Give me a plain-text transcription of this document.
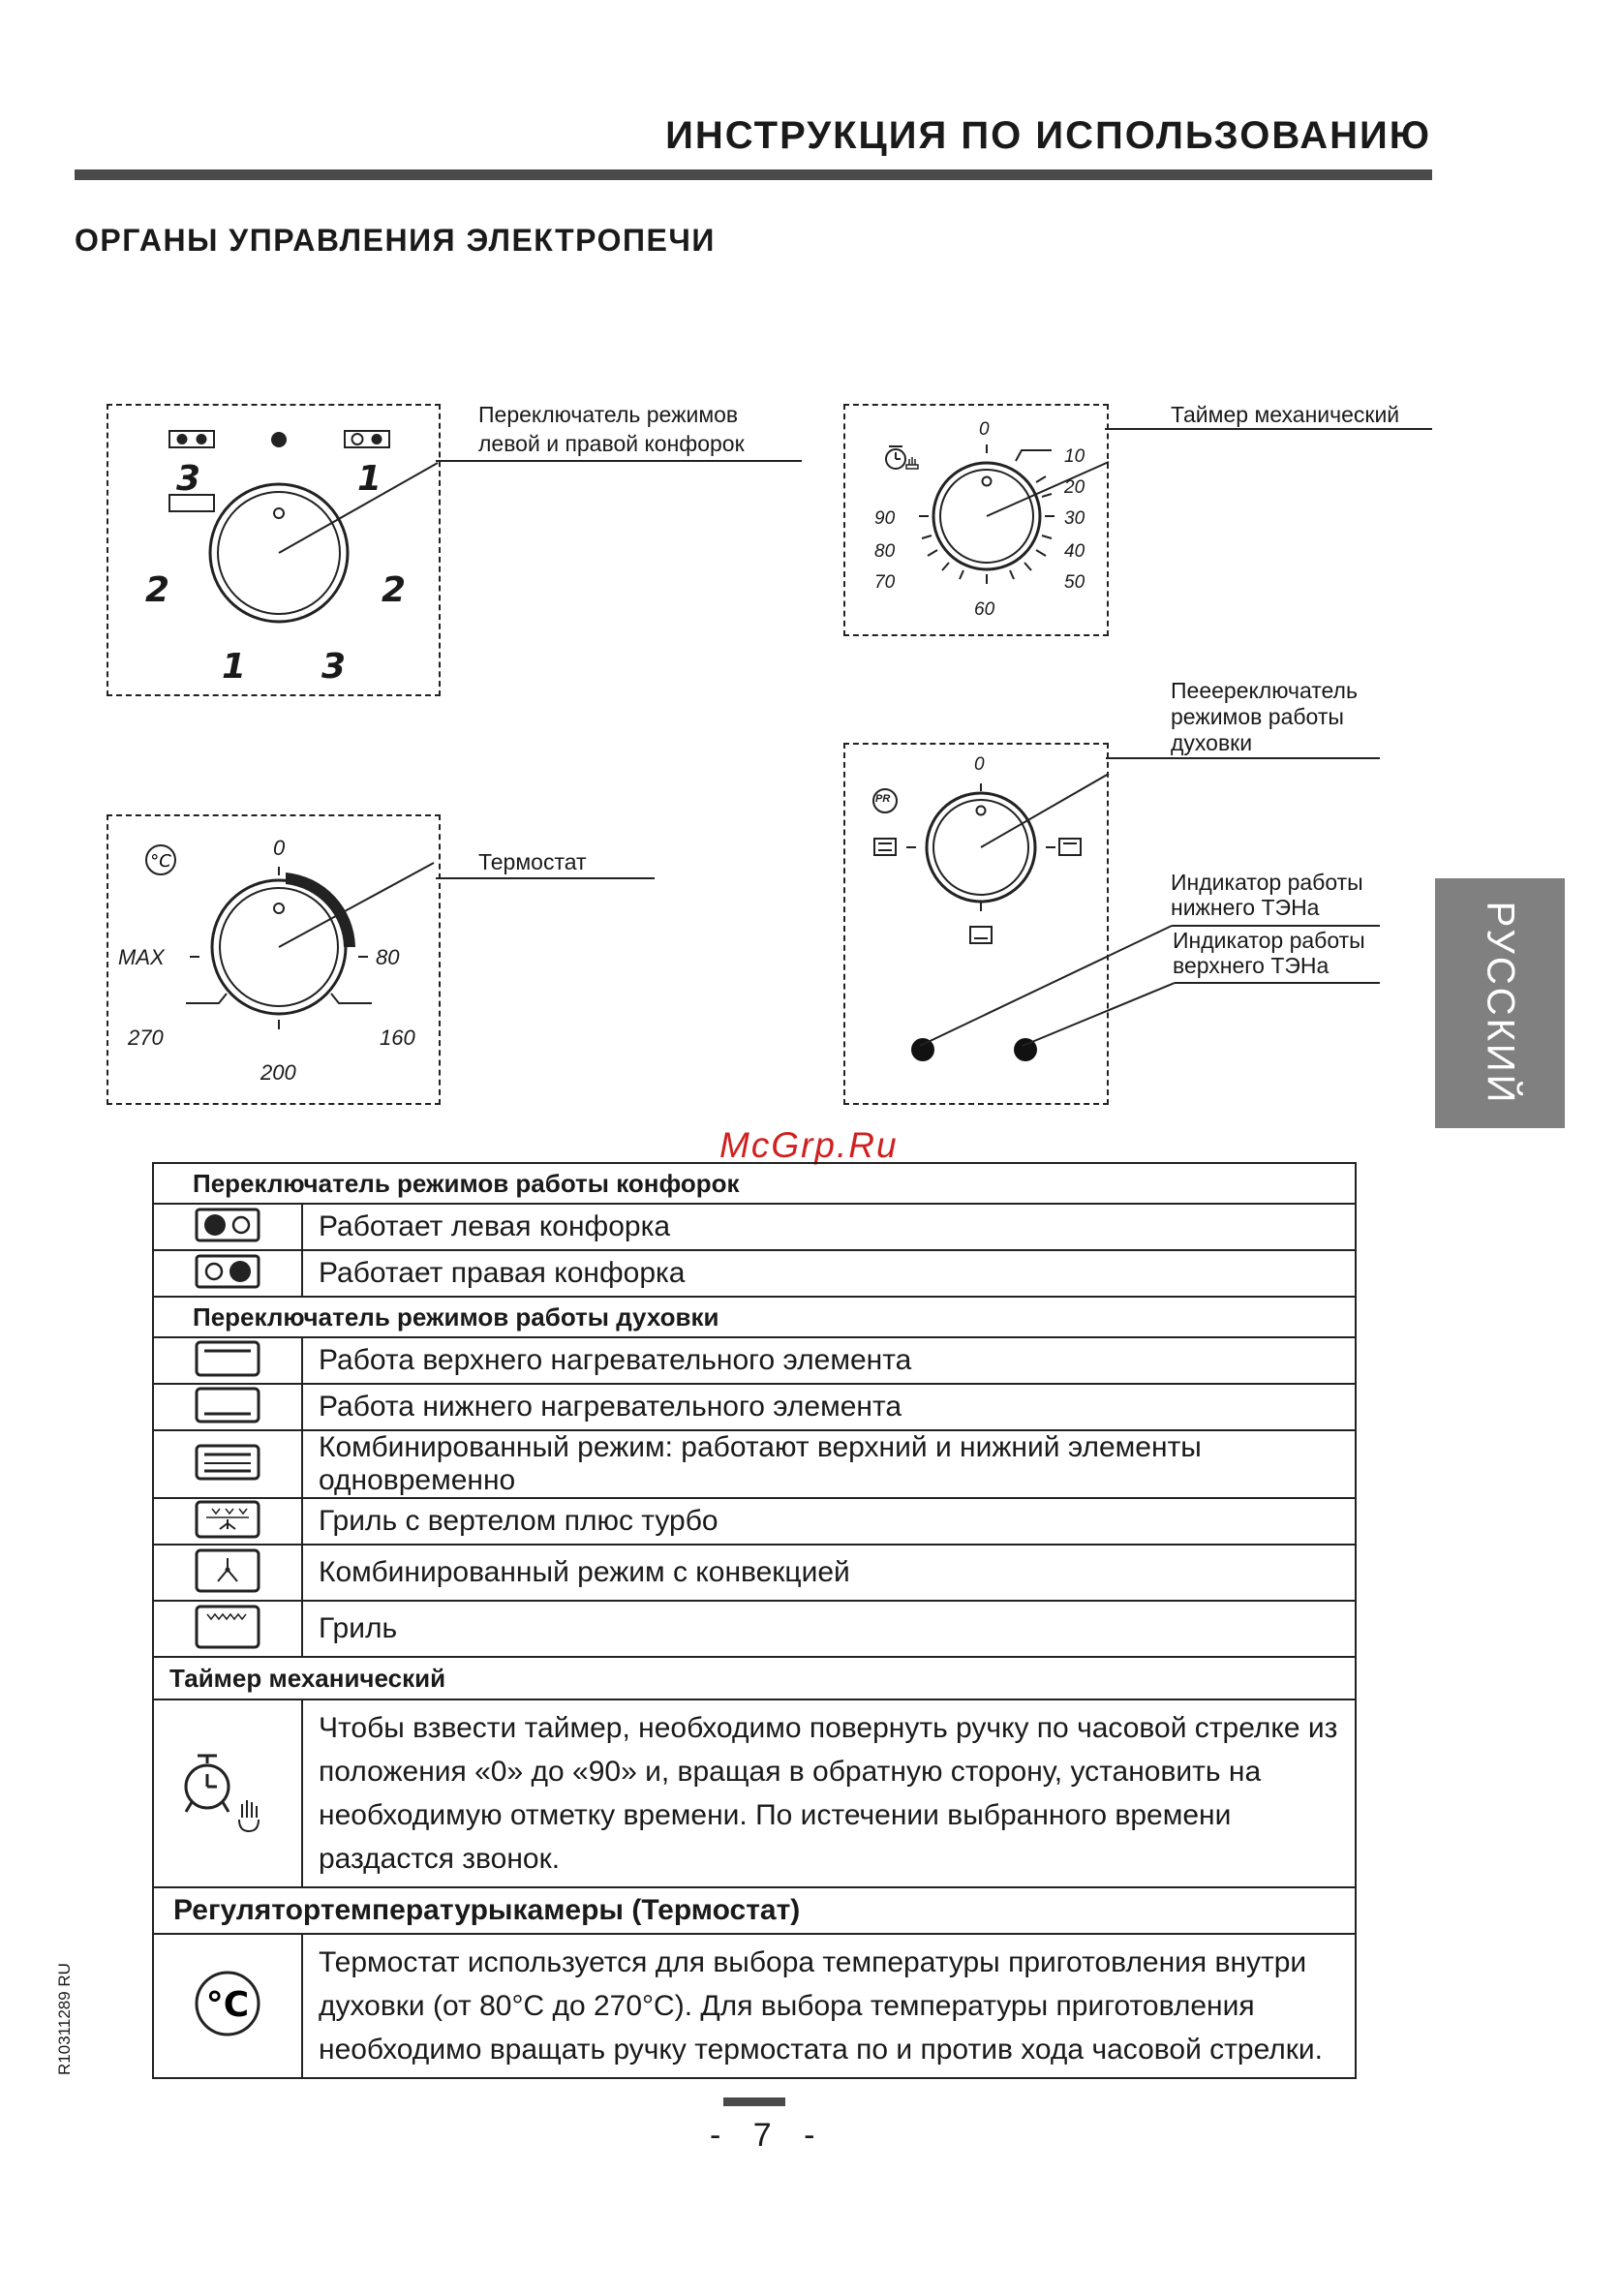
ИНСТРУКЦИЯ ПО ИСПОЛЬЗОВАНИЮ
ОРГАНЫ УПРАВЛЕНИЯ ЭЛЕКТРОПЕЧИ
3	1
2	2
1 3
Переключатель режимов
левой и правой конфорок
0
10
20
30
40
50
60
70
80
90
Таймер механический
°C
0
80
MAX
160
270
200
Термостат
PR
0
Пееереключатель
режимов работы
духовки
Индикатор работы
нижнего ТЭНа
Индикатор работы
верхнего ТЭНа	РУССКИЙ
McGrp.Ru
Переключатель режимов работы конфорок	
	Работает левая конфорка
	Работает правая конфорка
Переключатель режимов работы духовки	
	Работа верхнего нагревательного элемента
	Работа нижнего нагревательного элемента
	Комбинированный режим: работают верхний и нижний элементы одновременно
	Гриль с вертелом плюс турбо
	Комбинированный режим с конвекцией
	Гриль
Таймер механический	
	Чтобы взвести таймер, необходимо повернуть ручку по часовой стрелке из положения «0» до «90» и, вращая в обратную сторону, установить на необходимую отметку времени. По истечении выбранного времени раздастся звонок.
Регулятортемпературыкамеры (Термостат)	

°C	Термостат используется для выбора температуры приготовления внутри духовки (от 80°C до 270°C). Для выбора температуры приготовления необходимо вращать ручку термостата по и против хода часовой стрелки.
R10311289 RU
- 7 -
